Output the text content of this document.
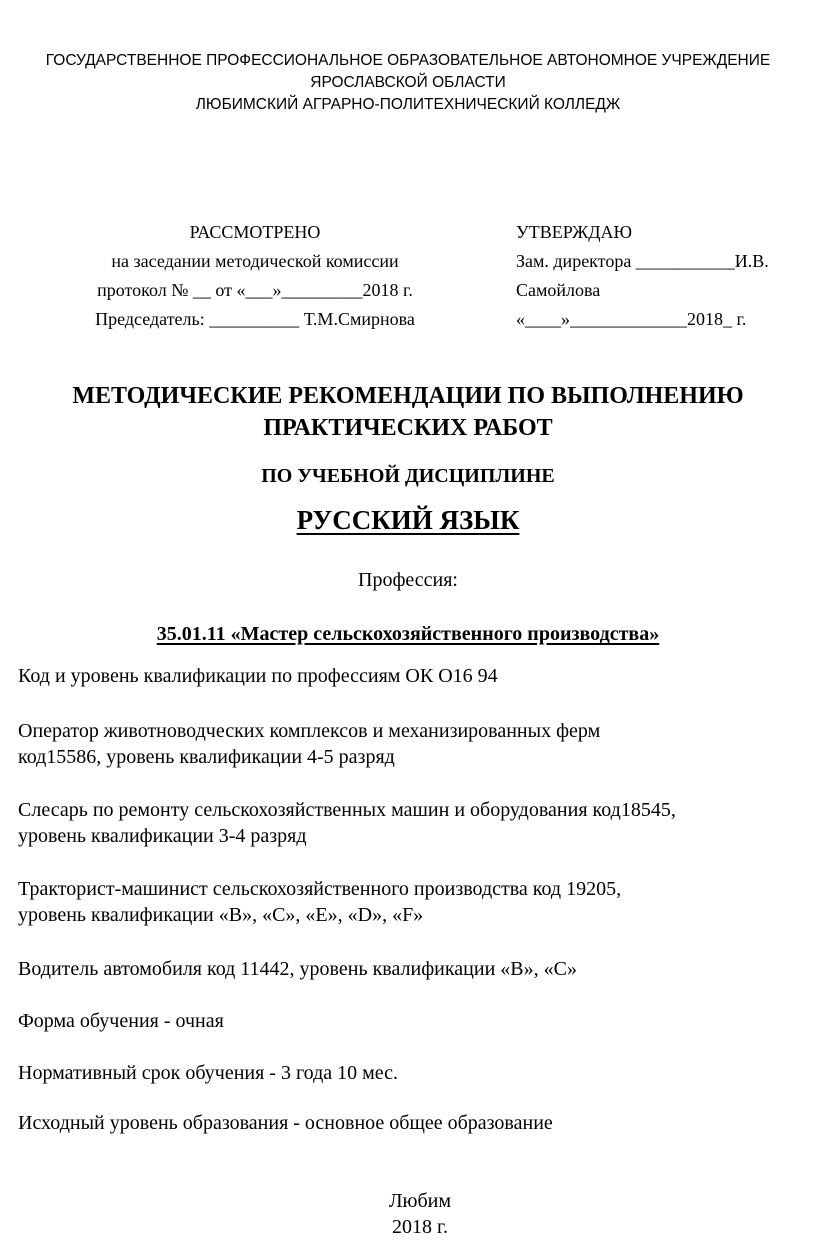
ГОСУДАРСТВЕННОЕ ПРОФЕССИОНАЛЬНОЕ ОБРАЗОВАТЕЛЬНОЕ АВТОНОМНОЕ УЧРЕЖДЕНИЕ
ЯРОСЛАВСКОЙ ОБЛАСТИ
ЛЮБИМСКИЙ АГРАРНО-ПОЛИТЕХНИЧЕСКИЙ КОЛЛЕДЖ
РАССМОТРЕНО
на заседании методической комиссии
протокол № __ от «___»_________2018 г.
Председатель: __________ Т.М.Смирнова
УТВЕРЖДАЮ
Зам. директора ___________И.В.
Самойлова
«____»_____________2018_ г.
МЕТОДИЧЕСКИЕ РЕКОМЕНДАЦИИ ПО ВЫПОЛНЕНИЮ
ПРАКТИЧЕСКИХ РАБОТ
ПО УЧЕБНОЙ ДИСЦИПЛИНЕ
РУССКИЙ ЯЗЫК
Профессия:
35.01.11 «Мастер сельскохозяйственного производства»
Код и уровень квалификации по профессиям ОК О16 94
Оператор животноводческих комплексов и механизированных ферм
код15586, уровень квалификации 4-5 разряд
Слесарь по ремонту сельскохозяйственных машин и оборудования код18545,
уровень квалификации 3-4 разряд
Тракторист-машинист сельскохозяйственного производства код 19205,
уровень квалификации «В», «С», «Е», «D», «F»
Водитель автомобиля код 11442, уровень квалификации «В», «С»
Форма обучения - очная
Нормативный срок обучения - 3 года 10 мес.
Исходный уровень образования - основное общее образование
Любим
2018 г.
